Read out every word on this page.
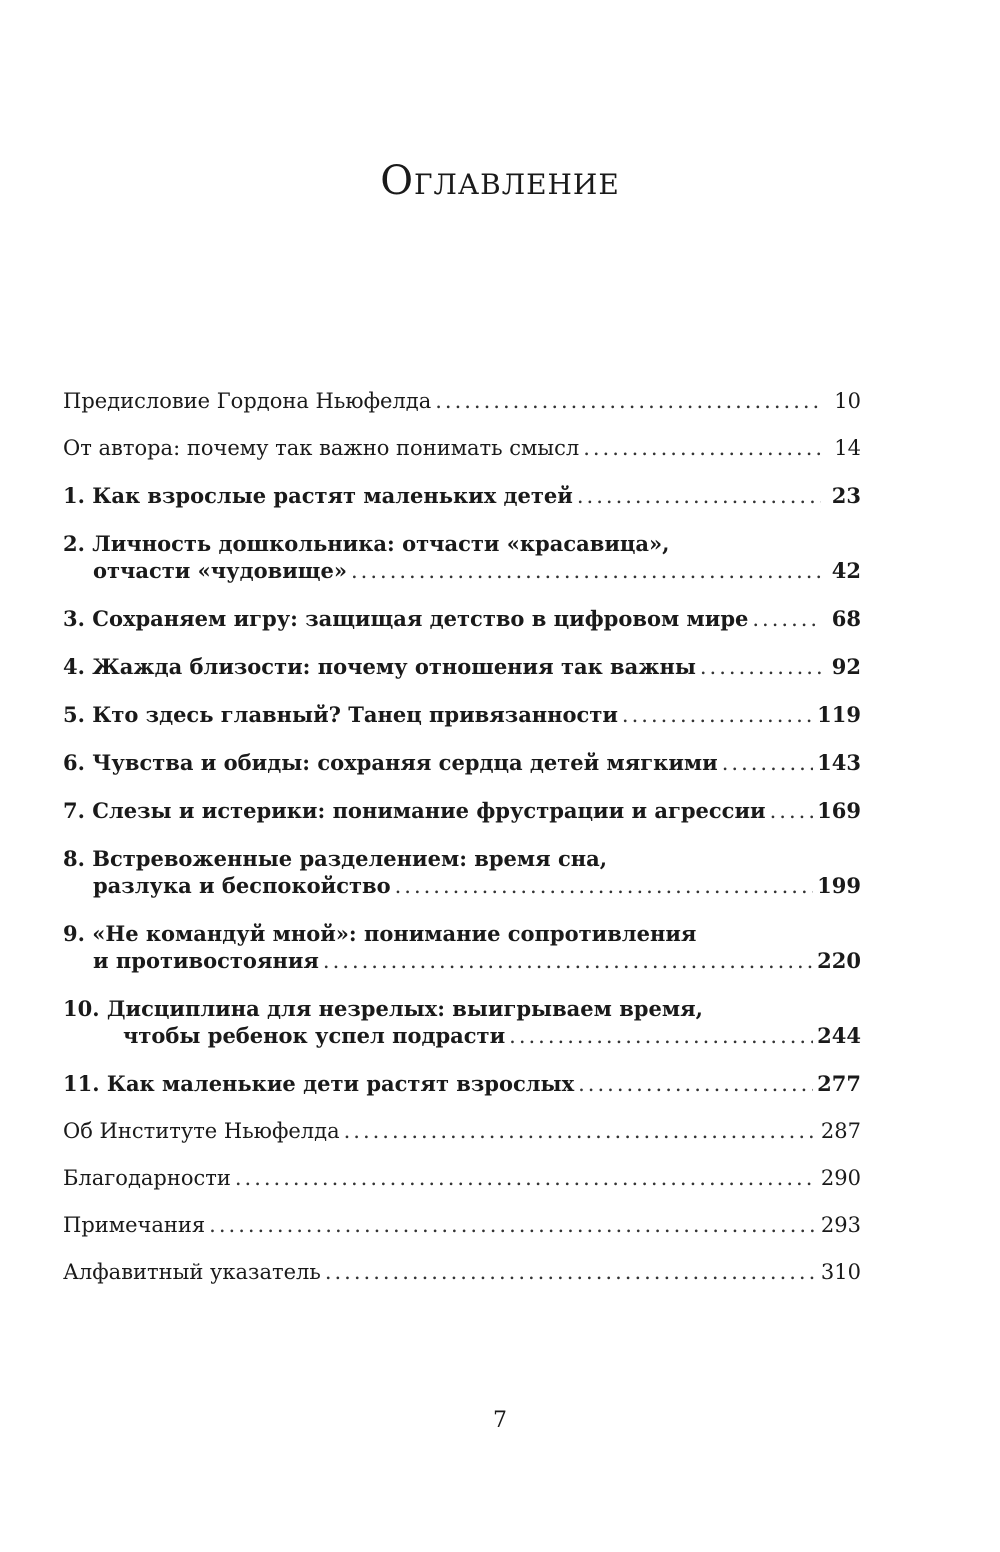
Оглавление
Предисловие Гордона Ньюфелда .....	10
От автора: почему так важно понимать смысл .....	14
1. Как взрослые растят маленьких детей .....	23
2. Личность дошкольника: отчасти «красавица»,
отчасти «чудовище» .....	42
3. Сохраняем игру: защищая детство в цифровом мире .....	68
4. Жажда близости: почему отношения так важны .....	92
5. Кто здесь главный? Танец привязанности .....	119
6. Чувства и обиды: сохраняя сердца детей мягкими .....	143
7. Слезы и истерики: понимание фрустрации и агрессии ..... 169
8. Встревоженные разделением: время сна,
разлука и беспокойство .....	199
9. «Не командуй мной»: понимание сопротивления
и противостояния .....	220
10. Дисциплина для незрелых: выигрываем время,
чтобы ребенок успел подрасти .....	244
11. Как маленькие дети растят взрослых .....	277
Об Институте Ньюфелда .....	287
Благодарности .....	290
Примечания .....	293
Алфавитный указатель .....	310
7
